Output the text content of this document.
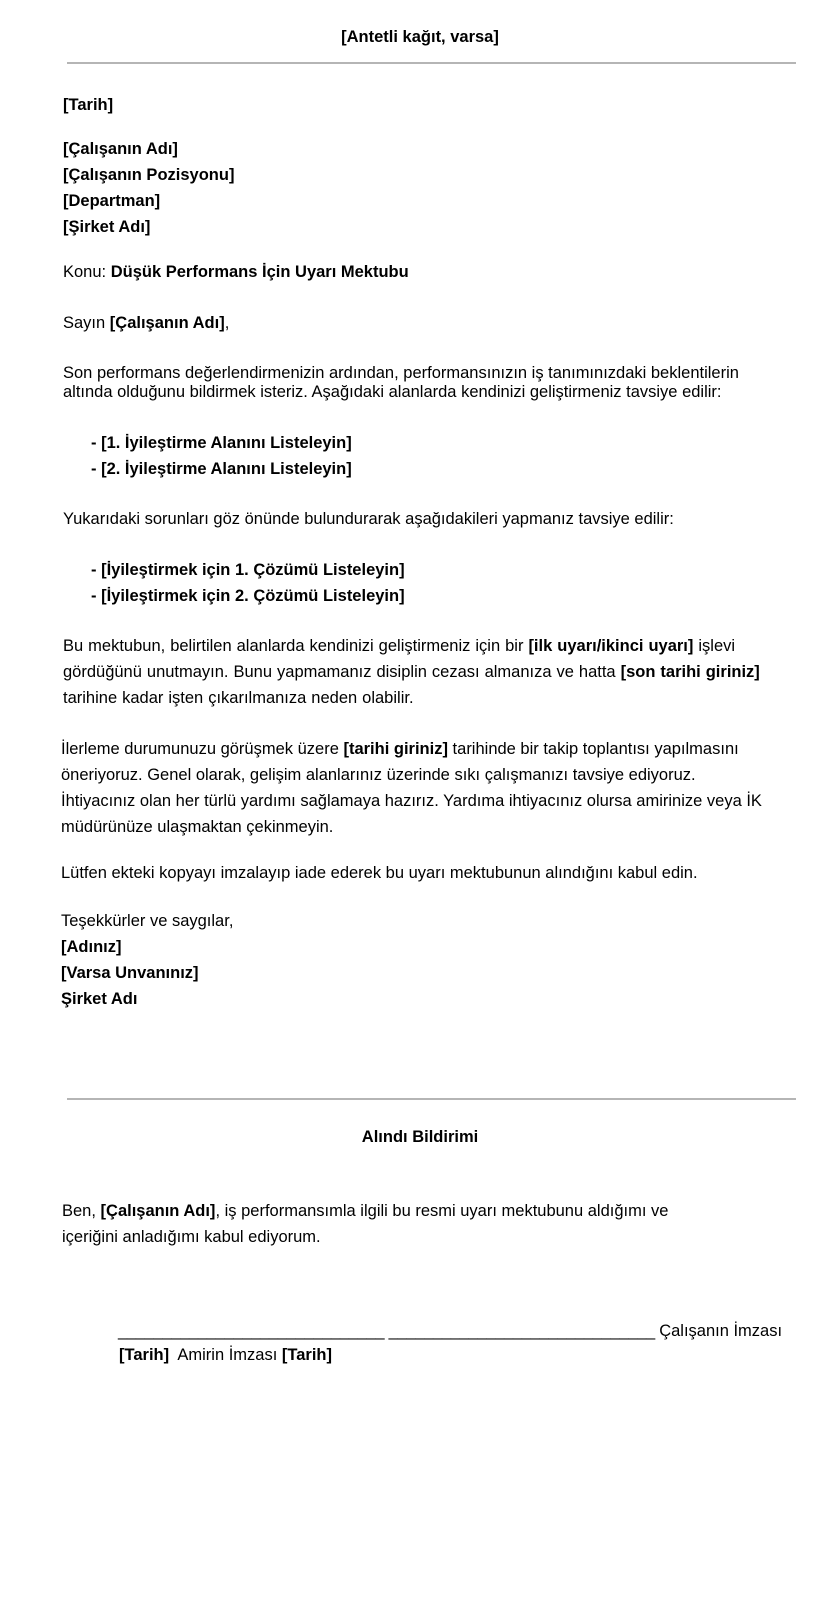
[Antetli kağıt, varsa]
[Tarih]
[Çalışanın Adı]
[Çalışanın Pozisyonu]
[Departman]
[Şirket Adı]
Konu: Düşük Performans İçin Uyarı Mektubu
Sayın [Çalışanın Adı],
Son performans değerlendirmenizin ardından, performansınızın iş tanımınızdaki beklentilerin altında olduğunu bildirmek isteriz. Aşağıdaki alanlarda kendinizi geliştirmeniz tavsiye edilir:
- [1. İyileştirme Alanını Listeleyin]
- [2. İyileştirme Alanını Listeleyin]
Yukarıdaki sorunları göz önünde bulundurarak aşağıdakileri yapmanız tavsiye edilir:
- [İyileştirmek için 1. Çözümü Listeleyin]
- [İyileştirmek için 2. Çözümü Listeleyin]
Bu mektubun, belirtilen alanlarda kendinizi geliştirmeniz için bir [ilk uyarı/ikinci uyarı] işlevi gördüğünü unutmayın. Bunu yapmamanız disiplin cezası almanıza ve hatta [son tarihi giriniz] tarihine kadar işten çıkarılmanıza neden olabilir.
İlerleme durumunuzu görüşmek üzere [tarihi giriniz] tarihinde bir takip toplantısı yapılmasını öneriyoruz. Genel olarak, gelişim alanlarınız üzerinde sıkı çalışmanızı tavsiye ediyoruz. İhtiyacınız olan her türlü yardımı sağlamaya hazırız. Yardıma ihtiyacınız olursa amirinize veya İK müdürünüze ulaşmaktan çekinmeyin.
Lütfen ekteki kopyayı imzalayıp iade ederek bu uyarı mektubunun alındığını kabul edin.
Teşekkürler ve saygılar,
[Adınız]
[Varsa Unvanınız]
Şirket Adı
Alındı Bildirimi
Ben, [Çalışanın Adı], iş performansımla ilgili bu resmi uyarı mektubunu aldığımı ve içeriğini anladığımı kabul ediyorum.
______________________________ ______________________________ Çalışanın İmzası
[Tarih] Amirin İmzası [Tarih]
